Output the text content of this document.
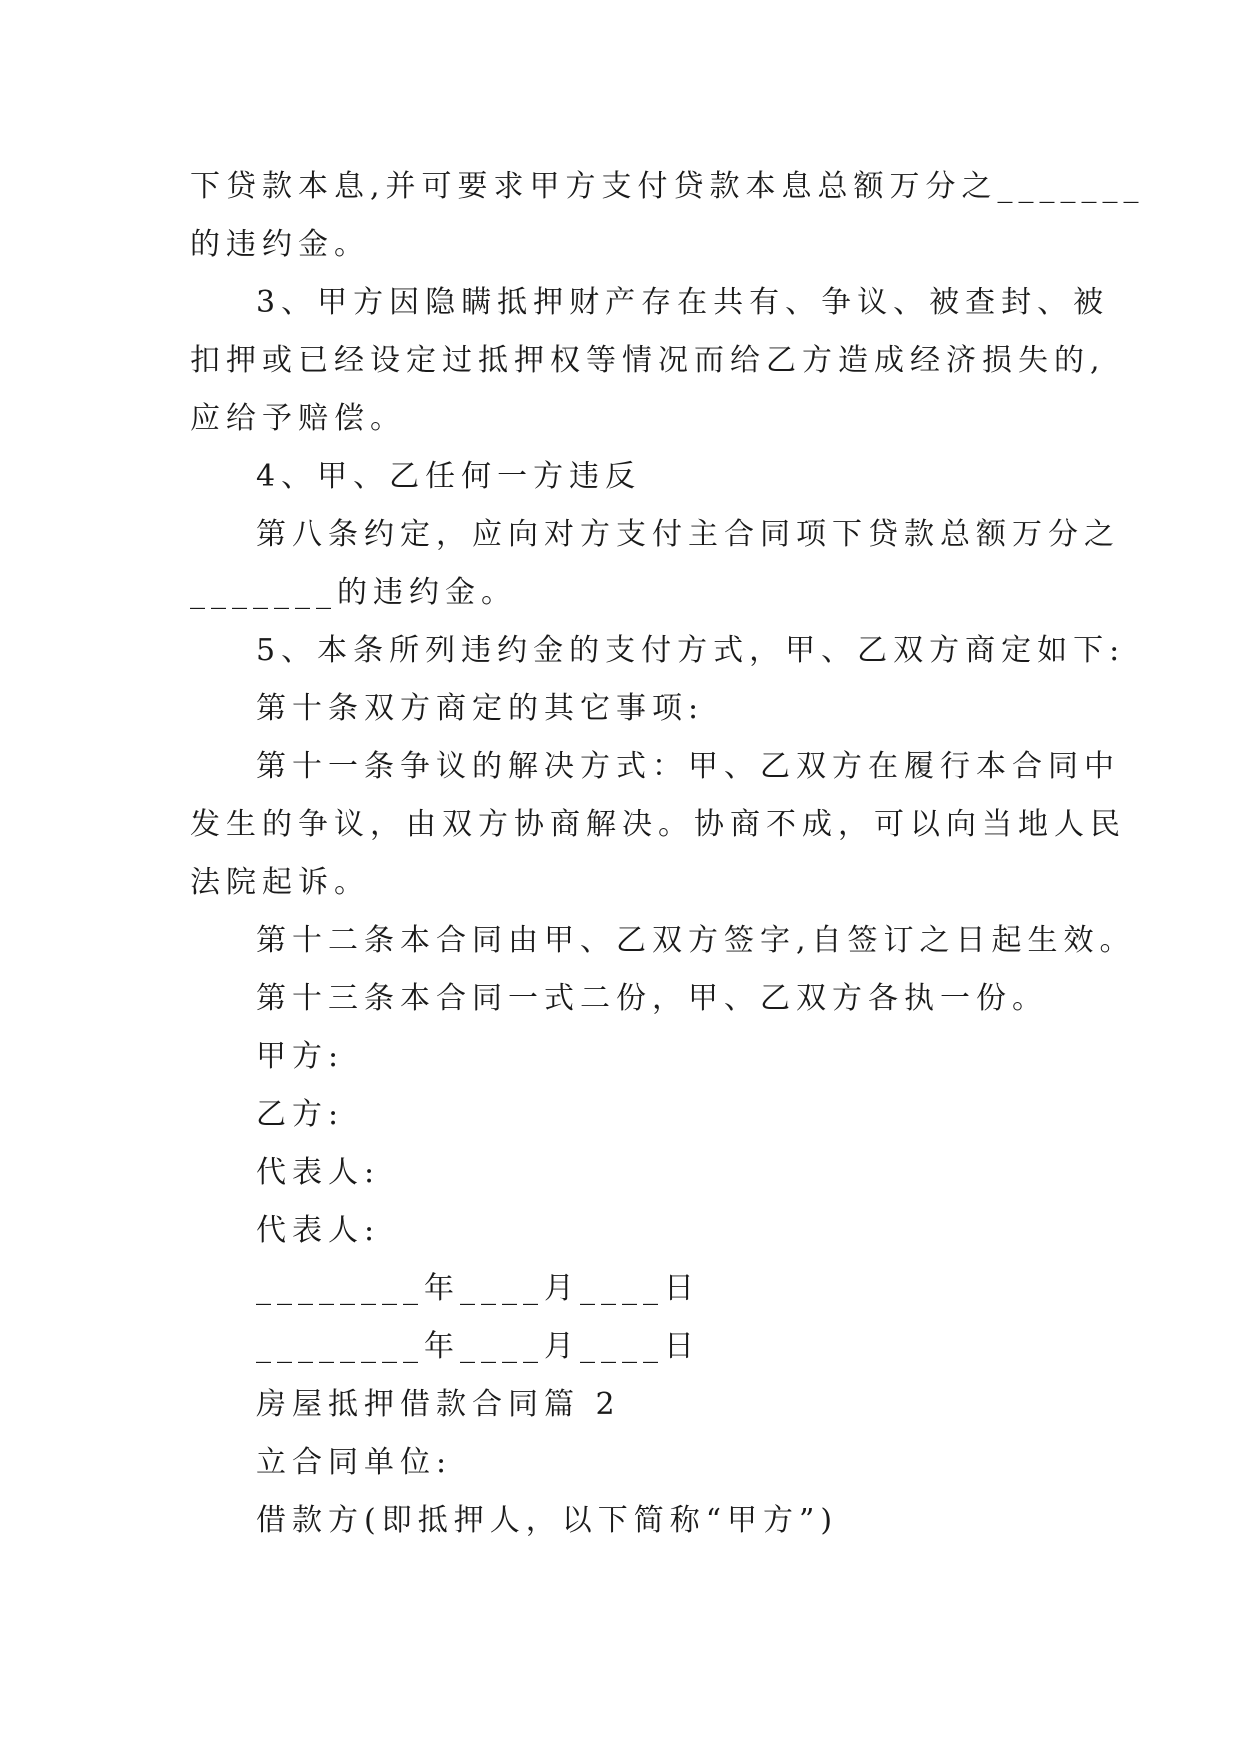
下贷款本息,并可要求甲方支付贷款本息总额万分之_______
的违约金。
3、甲方因隐瞒抵押财产存在共有、争议、被查封、被
扣押或已经设定过抵押权等情况而给乙方造成经济损失的,
应给予赔偿。
4、甲、乙任何一方违反
第八条约定，应向对方支付主合同项下贷款总额万分之
_______的违约金。
5、本条所列违约金的支付方式，甲、乙双方商定如下:
第十条双方商定的其它事项:
第十一条争议的解决方式：甲、乙双方在履行本合同中
发生的争议，由双方协商解决。协商不成，可以向当地人民
法院起诉。
第十二条本合同由甲、乙双方签字,自签订之日起生效。
第十三条本合同一式二份，甲、乙双方各执一份。
甲方:
乙方:
代表人:
代表人:
________年____月____日
________年____月____日
房屋抵押借款合同篇 2
立合同单位:
借款方(即抵押人，以下简称“甲方”)
